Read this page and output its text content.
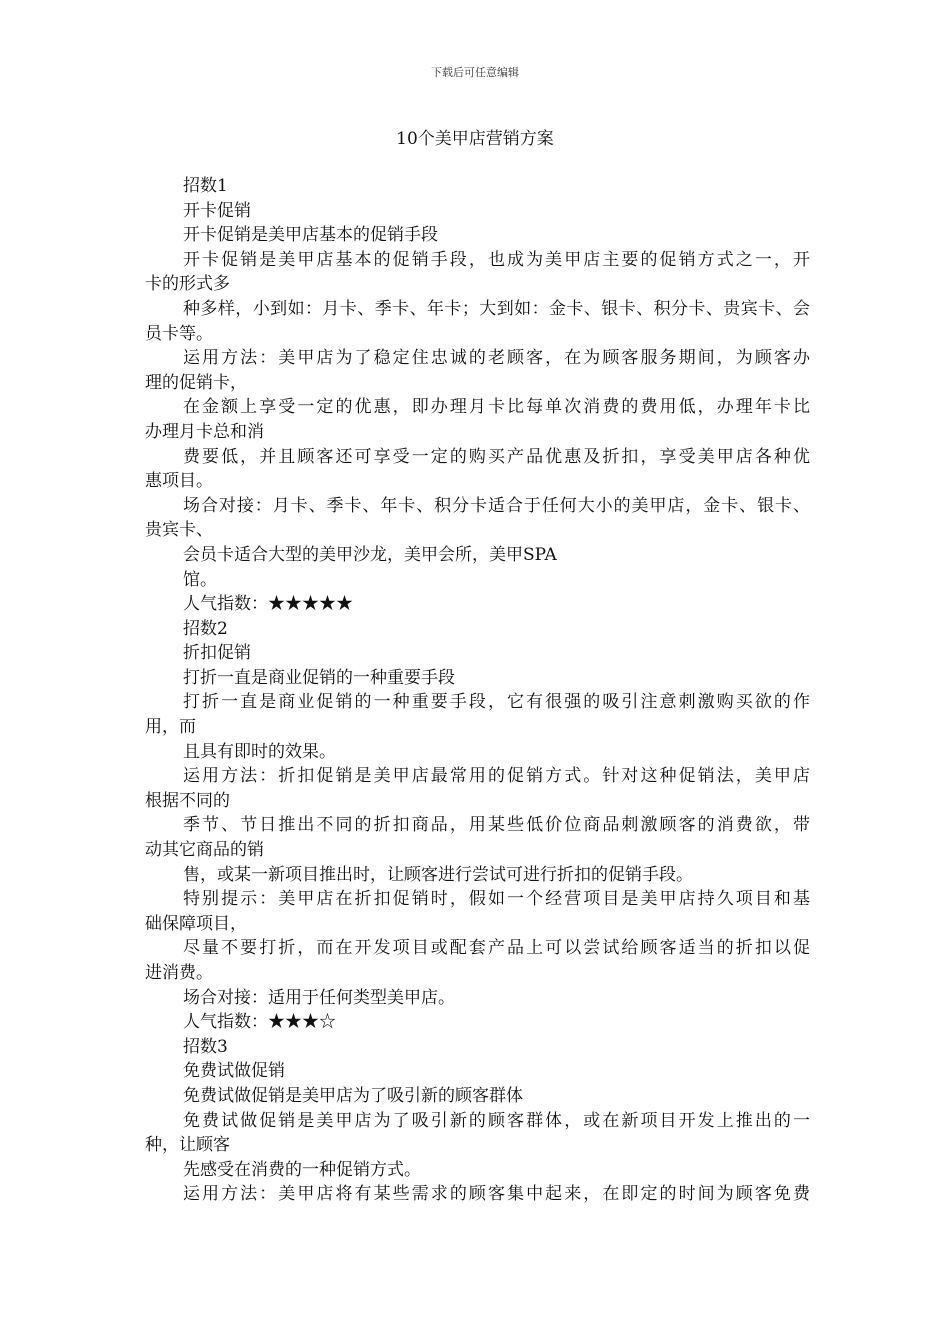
下载后可任意编辑
10个美甲店营销方案
招数1
开卡促销
开卡促销是美甲店基本的促销手段
开卡促销是美甲店基本的促销手段，也成为美甲店主要的促销方式之一，开
卡的形式多
种多样，小到如：月卡、季卡、年卡；大到如：金卡、银卡、积分卡、贵宾卡、会
员卡等。
运用方法：美甲店为了稳定住忠诚的老顾客，在为顾客服务期间，为顾客办
理的促销卡，
在金额上享受一定的优惠，即办理月卡比每单次消费的费用低，办理年卡比
办理月卡总和消
费要低，并且顾客还可享受一定的购买产品优惠及折扣，享受美甲店各种优
惠项目。
场合对接：月卡、季卡、年卡、积分卡适合于任何大小的美甲店，金卡、银卡、
贵宾卡、
会员卡适合大型的美甲沙龙，美甲会所，美甲SPA
馆。
人气指数：★★★★★
招数2
折扣促销
打折一直是商业促销的一种重要手段
打折一直是商业促销的一种重要手段，它有很强的吸引注意刺激购买欲的作
用，而
且具有即时的效果。
运用方法：折扣促销是美甲店最常用的促销方式。针对这种促销法，美甲店
根据不同的
季节、节日推出不同的折扣商品，用某些低价位商品刺激顾客的消费欲，带
动其它商品的销
售，或某一新项目推出时，让顾客进行尝试可进行折扣的促销手段。
特别提示：美甲店在折扣促销时，假如一个经营项目是美甲店持久项目和基
础保障项目，
尽量不要打折，而在开发项目或配套产品上可以尝试给顾客适当的折扣以促
进消费。
场合对接：适用于任何类型美甲店。
人气指数：★★★☆
招数3
免费试做促销
免费试做促销是美甲店为了吸引新的顾客群体
免费试做促销是美甲店为了吸引新的顾客群体，或在新项目开发上推出的一
种，让顾客
先感受在消费的一种促销方式。
运用方法：美甲店将有某些需求的顾客集中起来，在即定的时间为顾客免费
